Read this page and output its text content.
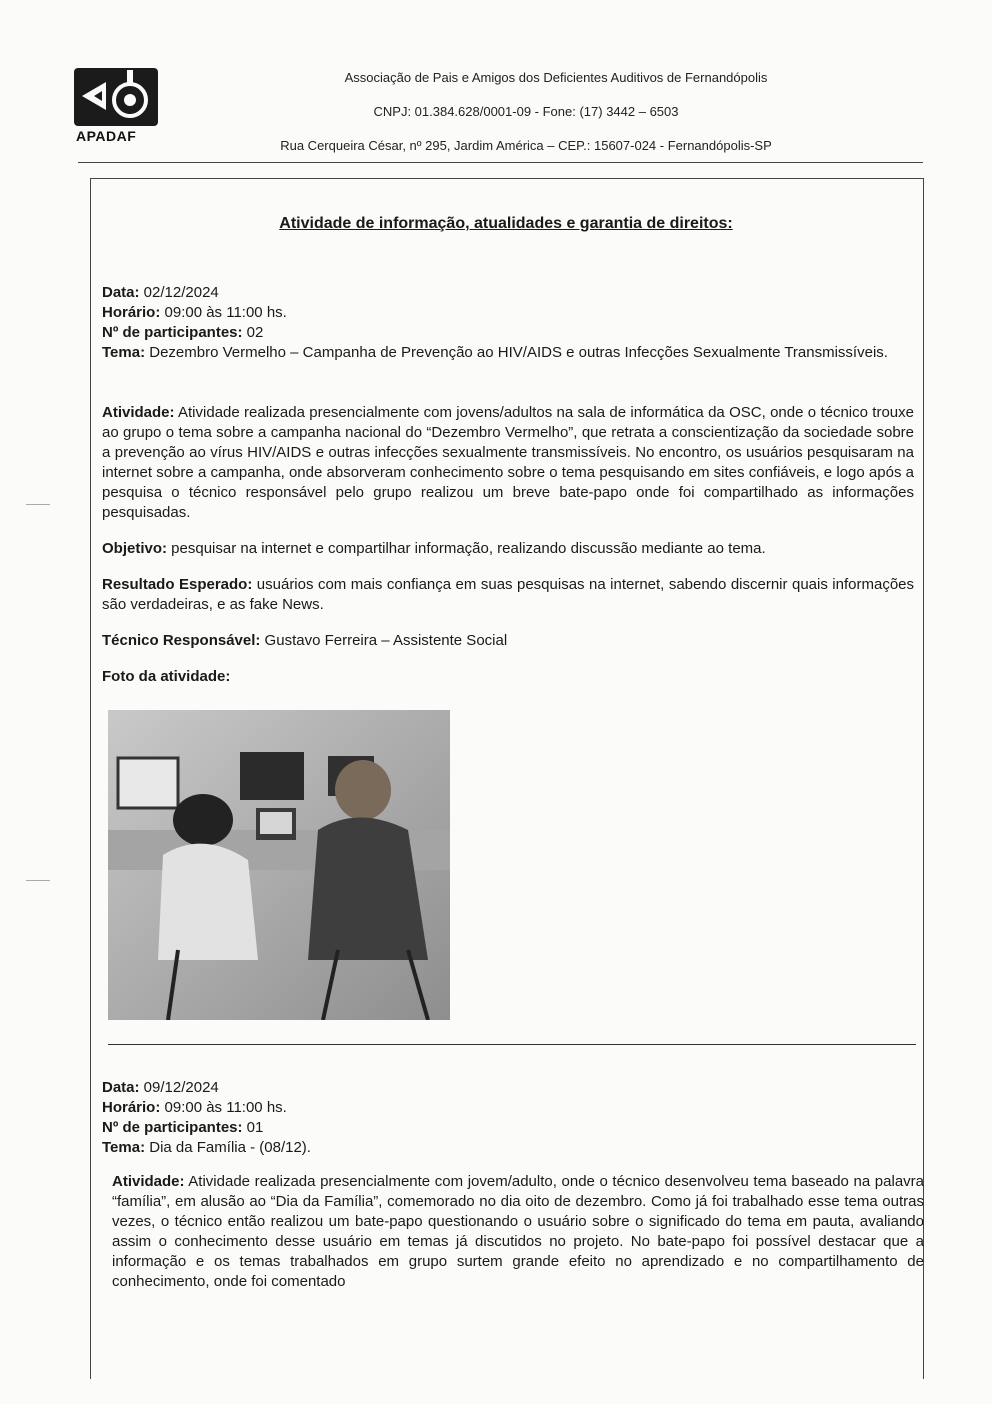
APADAF
Associação de Pais e Amigos dos Deficientes Auditivos de Fernandópolis
CNPJ: 01.384.628/0001-09 - Fone: (17) 3442 – 6503
Rua Cerqueira César, nº 295, Jardim América – CEP.: 15607-024 - Fernandópolis-SP
Atividade de informação, atualidades e garantia de direitos:

Data: 02/12/2024

Horário: 09:00 às 11:00 hs.

Nº de participantes: 02

Tema: Dezembro Vermelho – Campanha de Prevenção ao HIV/AIDS e outras Infecções Sexualmente Transmissíveis.

Atividade: Atividade realizada presencialmente com jovens/adultos na sala de informática da OSC, onde o técnico trouxe ao grupo o tema sobre a campanha nacional do “Dezembro Vermelho”, que retrata a conscientização da sociedade sobre a prevenção ao vírus HIV/AIDS e outras infecções sexualmente transmissíveis. No encontro, os usuários pesquisaram na internet sobre a campanha, onde absorveram conhecimento sobre o tema pesquisando em sites confiáveis, e logo após a pesquisa o técnico responsável pelo grupo realizou um breve bate-papo onde foi compartilhado as informações pesquisadas.

Objetivo: pesquisar na internet e compartilhar informação, realizando discussão mediante ao tema.

Resultado Esperado: usuários com mais confiança em suas pesquisas na internet, sabendo discernir quais informações são verdadeiras, e as fake News.

Técnico Responsável: Gustavo Ferreira – Assistente Social

Foto da atividade:

Data: 09/12/2024

Horário: 09:00 às 11:00 hs.

Nº de participantes: 01

Tema: Dia da Família - (08/12).

Atividade: Atividade realizada presencialmente com jovem/adulto, onde o técnico desenvolveu tema baseado na palavra “família”, em alusão ao “Dia da Família”, comemorado no dia oito de dezembro. Como já foi trabalhado esse tema outras vezes, o técnico então realizou um bate-papo questionando o usuário sobre o significado do tema em pauta, avaliando assim o conhecimento desse usuário em temas já discutidos no projeto. No bate-papo foi possível destacar que a informação e os temas trabalhados em grupo surtem grande efeito no aprendizado e no compartilhamento de conhecimento, onde foi comentado
